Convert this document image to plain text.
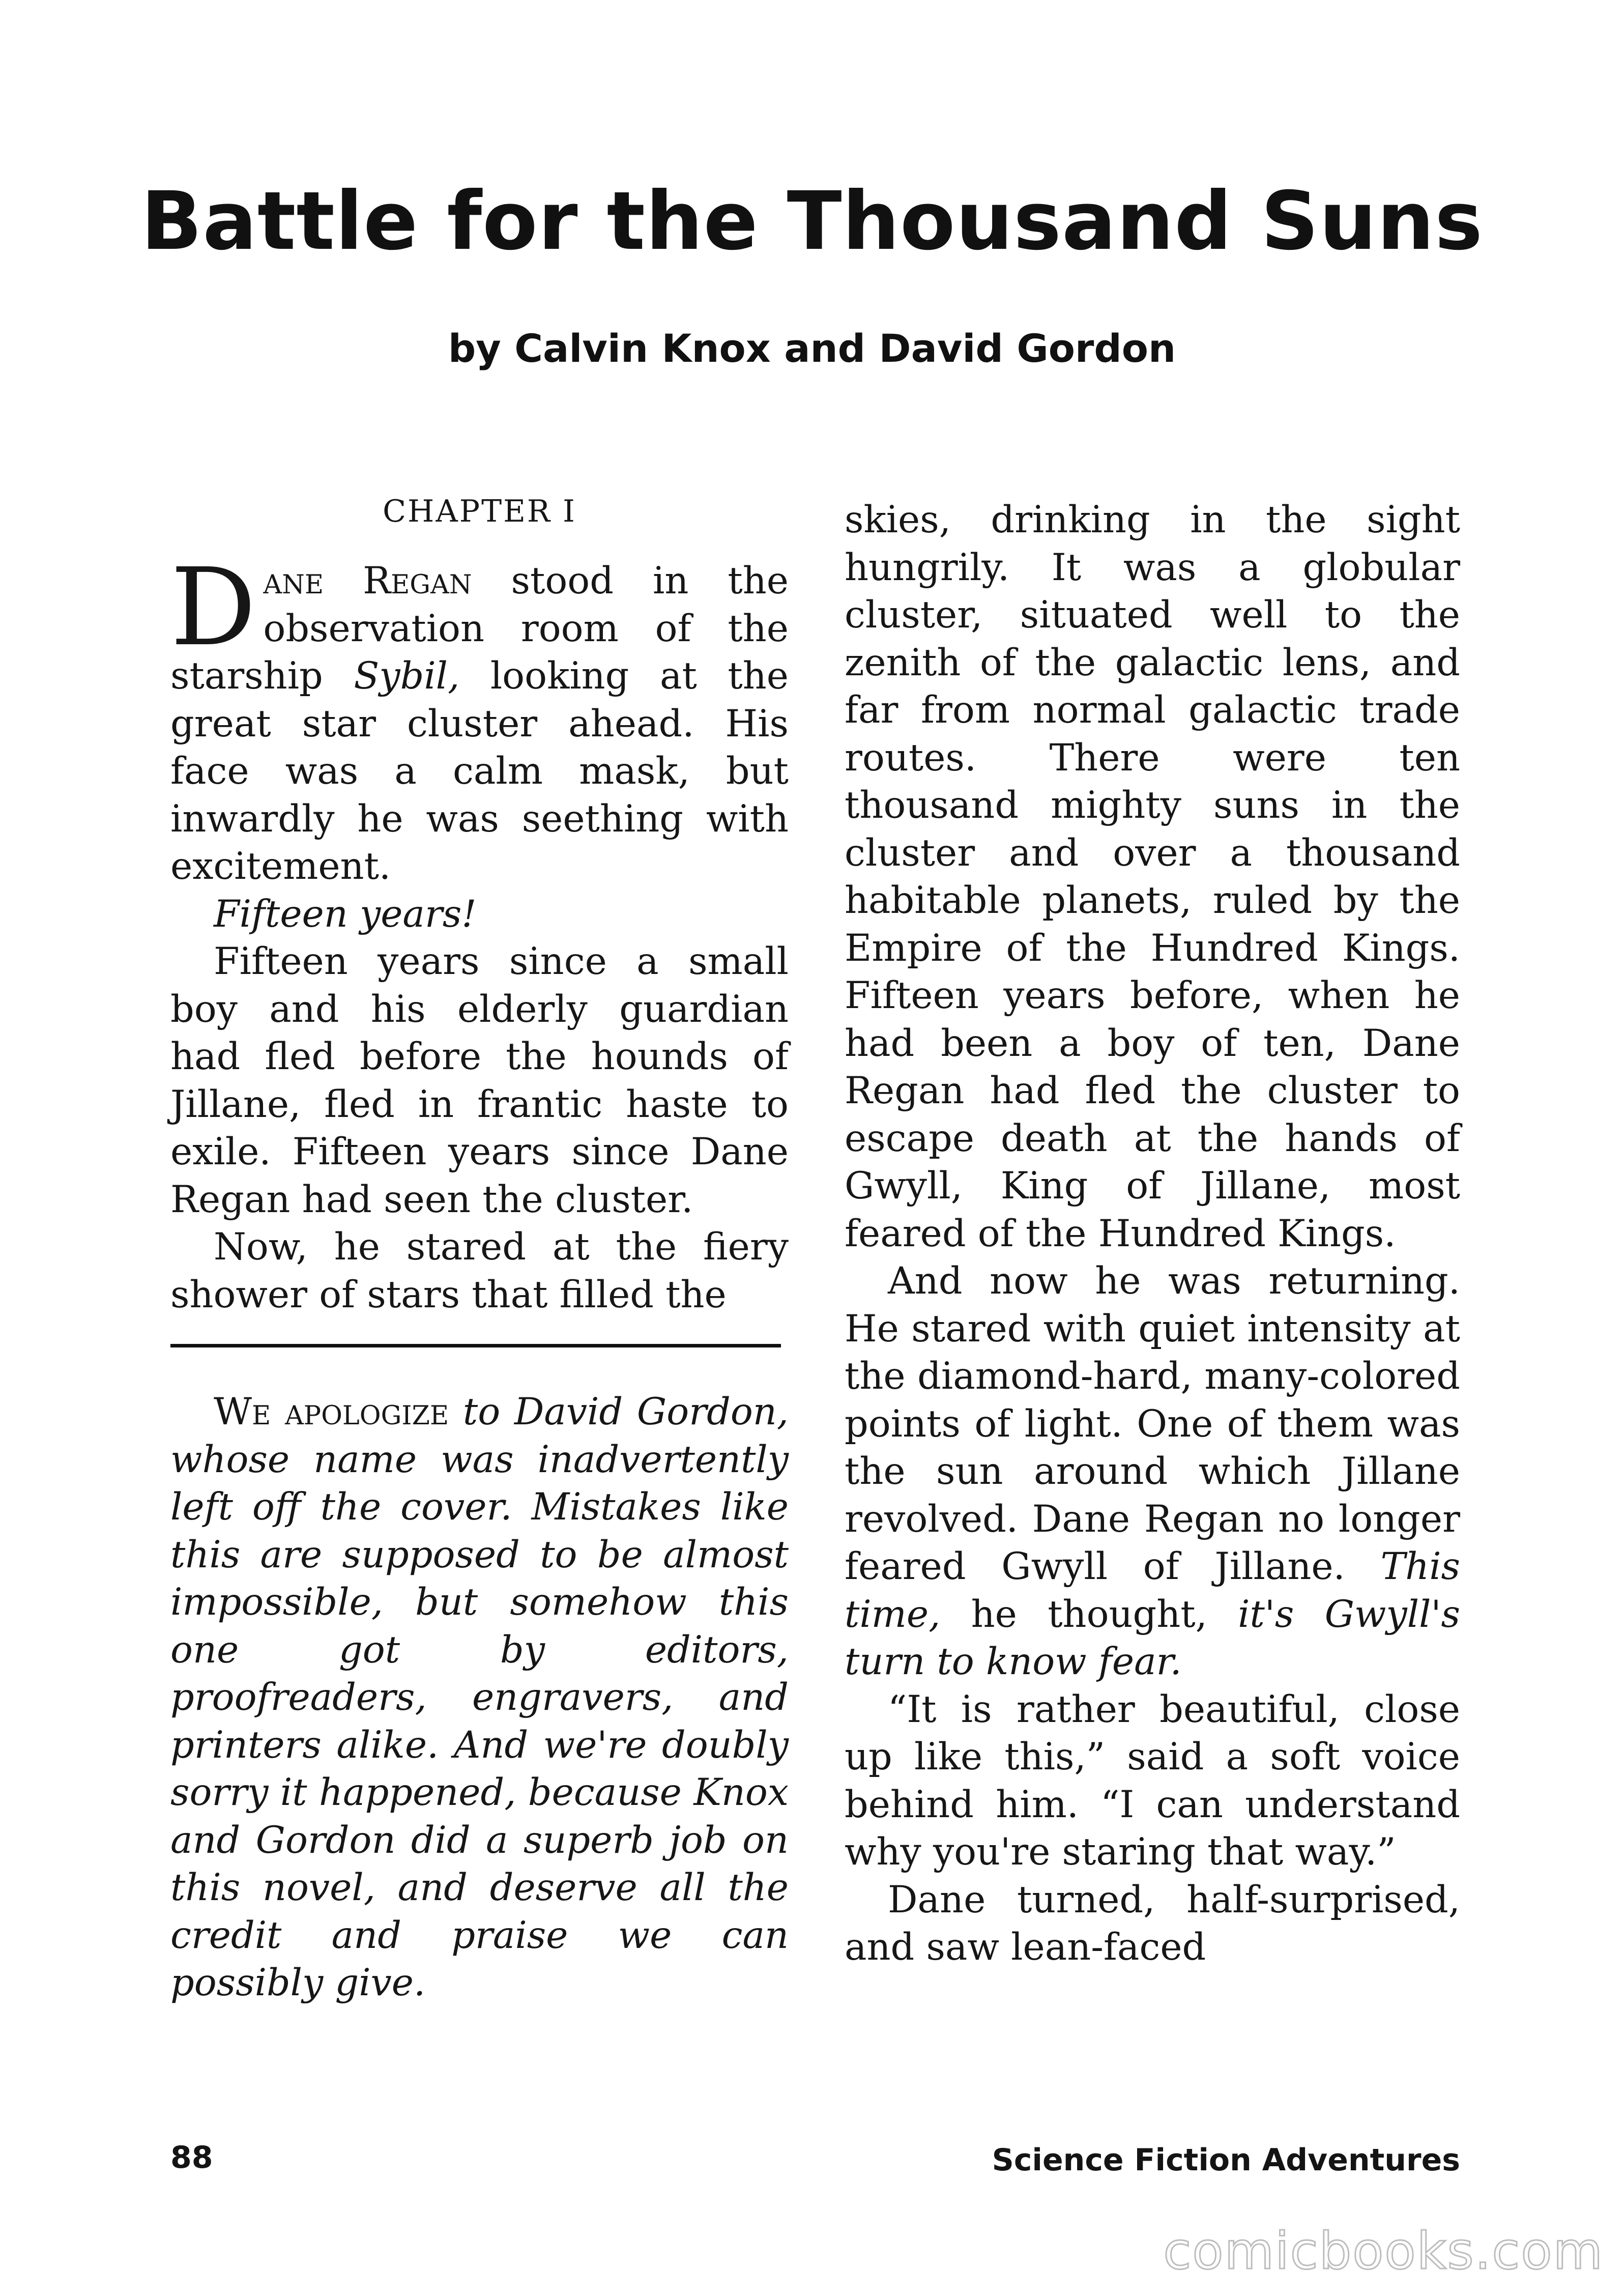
Battle for the Thousand Suns
by Calvin Knox and David Gordon
CHAPTER I

Dane Regan stood in the observation room of the starship Sybil, looking at the great star cluster ahead. His face was a calm mask, but inwardly he was seething with excitement.

Fifteen years!

Fifteen years since a small boy and his elderly guardian had fled before the hounds of Jillane, fled in frantic haste to exile. Fifteen years since Dane Regan had seen the cluster.

Now, he stared at the fiery shower of stars that filled the

We apologize to David Gordon, whose name was inadvertently left off the cover. Mistakes like this are supposed to be almost impossible, but somehow this one got by editors, proofreaders, engravers, and printers alike. And we're doubly sorry it happened, because Knox and Gordon did a superb job on this novel, and deserve all the credit and praise we can possibly give.

skies, drinking in the sight hungrily. It was a globular cluster, situated well to the zenith of the galactic lens, and far from normal galactic trade routes. There were ten thousand mighty suns in the cluster and over a thousand habitable planets, ruled by the Empire of the Hundred Kings. Fifteen years before, when he had been a boy of ten, Dane Regan had fled the cluster to escape death at the hands of Gwyll, King of Jillane, most feared of the Hundred Kings.

And now he was returning. He stared with quiet intensity at the diamond-hard, many-colored points of light. One of them was the sun around which Jillane revolved. Dane Regan no longer feared Gwyll of Jillane. This time, he thought, it's Gwyll's turn to know fear.

“It is rather beautiful, close up like this,” said a soft voice behind him. “I can understand why you're staring that way.”

Dane turned, half-surprised, and saw lean-faced

88	Science Fiction Adventures
comicbooks.com
